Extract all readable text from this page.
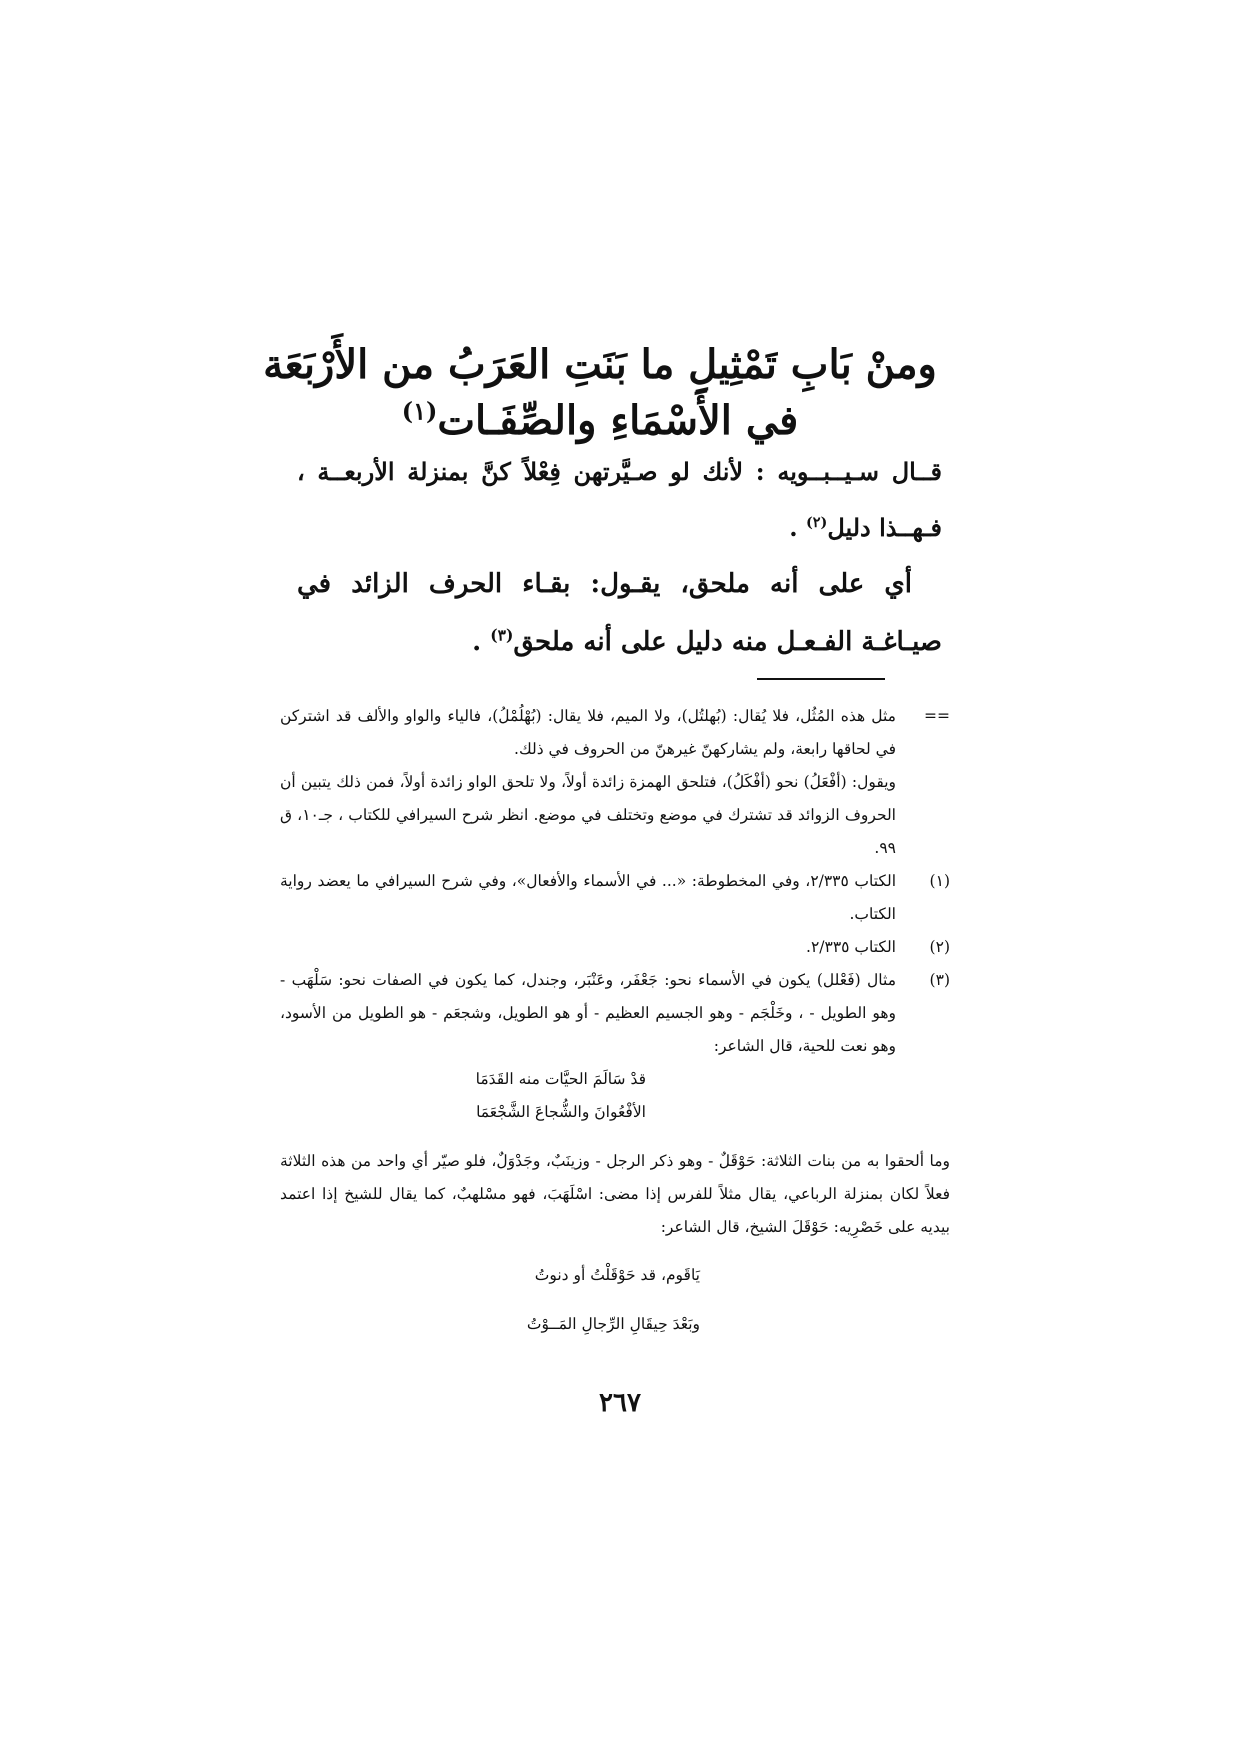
ومنْ بَابِ تَمْثِيلِ ما بَنَتِ العَرَبُ من الأَرْبَعَة
في الأَسْمَاءِ والصِّفَـات$^{(١)}$
قــال سـيــبــويه : لأنك لو صـيَّرتهن فِعْلاً كنَّ بمنزلة الأربعــة ، فـهــذا دليل$^{(٢)}$ .
أي على أنه ملحق، يقـول: بقـاء الحرف الزائد في صيـاغـة الفـعـل منه دليل على أنه ملحق$^{(٣)}$ .
==

مثل هذه المُثُل، فلا يُقال: (بُهلتُل)، ولا الميم، فلا يقال: (بُهْلُمْلُ)، فالياء والواو والألف قد اشتركن في لحاقها رابعة، ولم يشاركهنّ غيرهنّ من الحروف في ذلك.

ويقول: (أفْعَلُ) نحو (أفْكَلُ)، فتلحق الهمزة زائدة أولاً، ولا تلحق الواو زائدة أولاً، فمن ذلك يتبين أن الحروف الزوائد قد تشترك في موضع وتختلف في موضع. انظر شرح السيرافي للكتاب ، جـ١٠، ق ٩٩.

(١)

الكتاب ٢/٣٣٥، وفي المخطوطة: «... في الأسماء والأفعال»، وفي شرح السيرافي ما يعضد رواية الكتاب.

(٢)

الكتاب ٢/٣٣٥.

(٣)

مثال (فَعْلل) يكون في الأسماء نحو: جَعْفَر، وعَنْبَر، وجندل، كما يكون في الصفات نحو: سَلْهَب - وهو الطويل - ، وخَلْجَم - وهو الجسيم العظيم - أو هو الطويل، وشجعَم - هو الطويل من الأسود، وهو نعت للحية، قال الشاعر:

قدْ سَالَمَ الحيَّات منه القَدَمَا

الأفْعُوانَ والشُّجاعَ الشَّجْعَمَا

وما ألحقوا به من بنات الثلاثة: حَوْقَلٌ - وهو ذكر الرجل - وزينَبٌ، وجَدْوَلٌ، فلو صيّر أي واحد من هذه الثلاثة فعلاً لكان بمنزلة الرباعي، يقال مثلاً للفرس إذا مضى: اسْلَهَبَ، فهو مسْلهبٌ، كما يقال للشيخ إذا اعتمد بيديه على خَصْرِيه: حَوْقَلَ الشيخ، قال الشاعر:

يَاقَوم، قد حَوْقَلْتُ أو دنوتُ

وبَعْدَ حِيقَالِ الرِّجالِ المَــوْتُ

٢٦٧
